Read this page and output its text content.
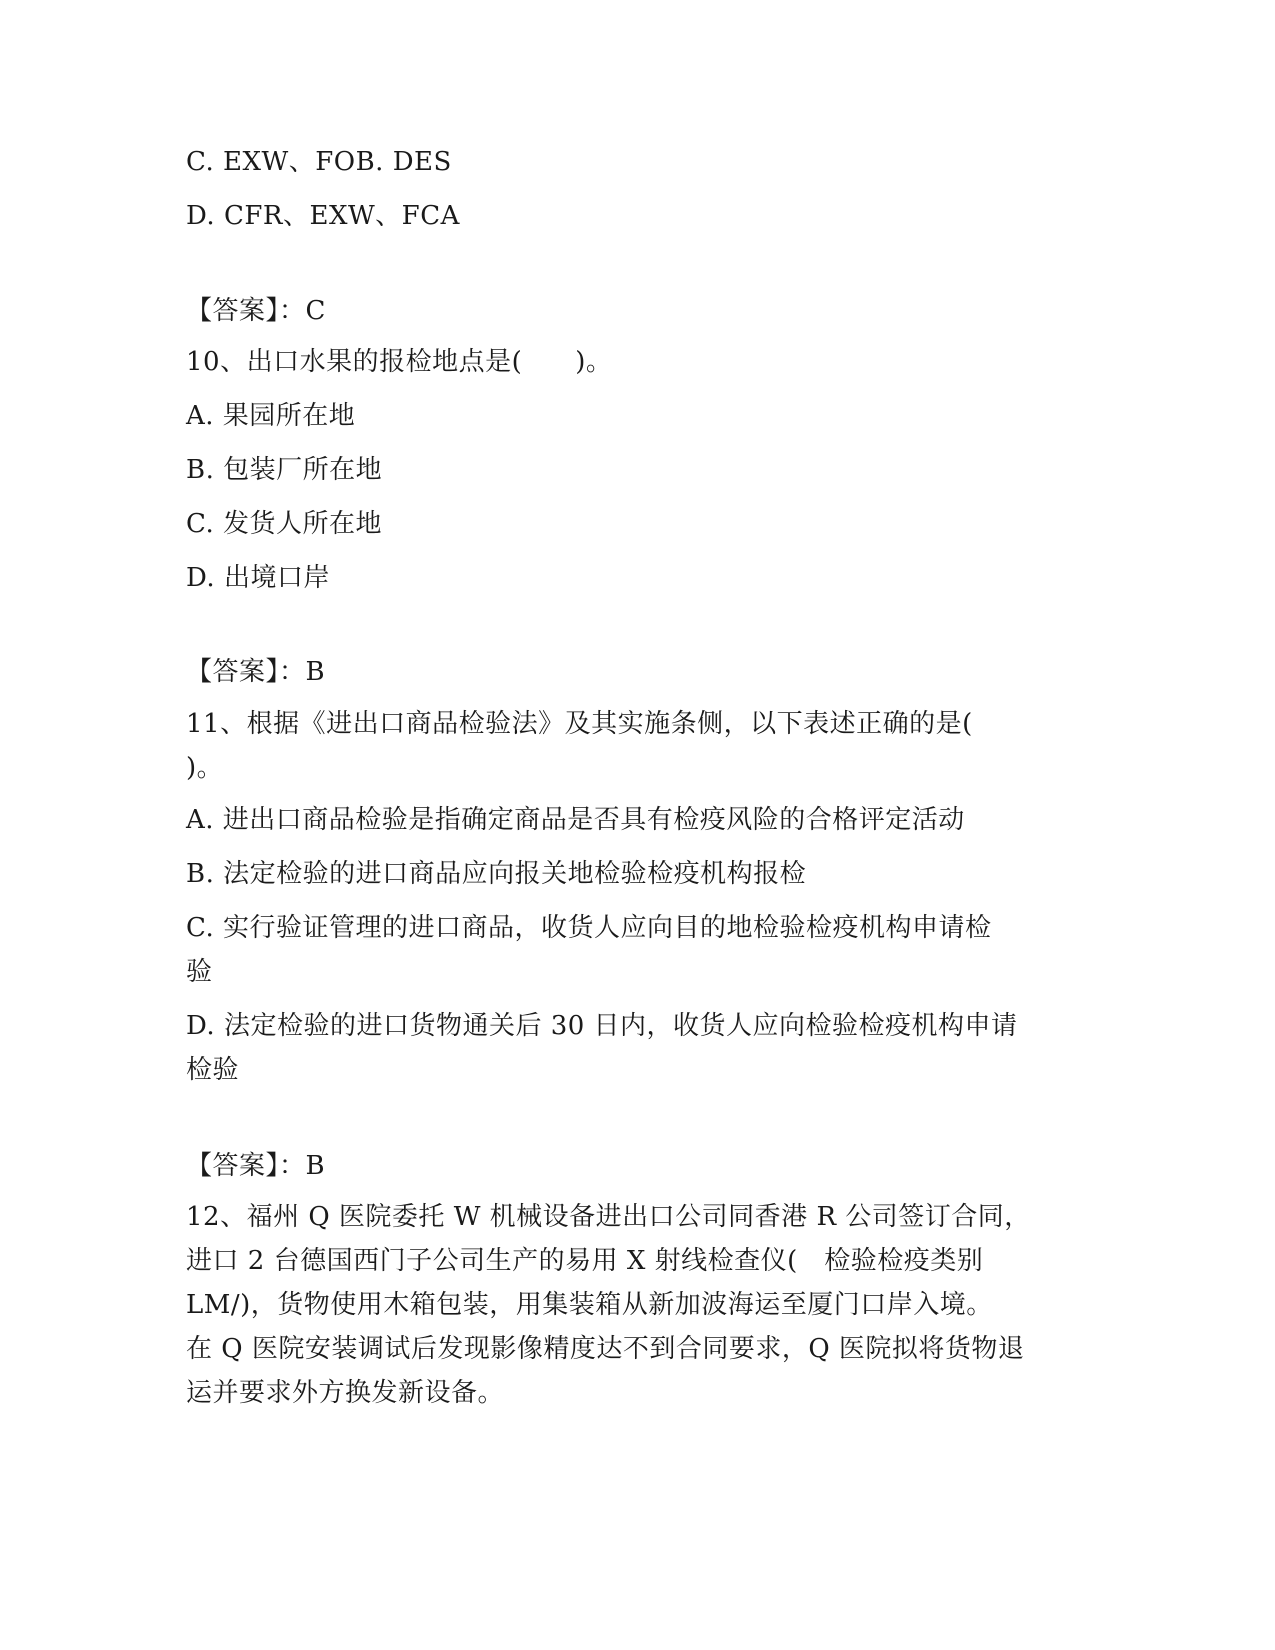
C. EXW、FOB. DES
D. CFR、EXW、FCA
【答案】：C
10、出口水果的报检地点是(　　)。
A. 果园所在地
B. 包装厂所在地
C. 发货人所在地
D. 出境口岸
【答案】：B
11、根据《进出口商品检验法》及其实施条侧，以下表述正确的是(
)。
A. 进出口商品检验是指确定商品是否具有检疫风险的合格评定活动
B. 法定检验的进口商品应向报关地检验检疫机构报检
C. 实行验证管理的进口商品，收货人应向目的地检验检疫机构申请检
验
D. 法定检验的进口货物通关后 30 日内，收货人应向检验检疫机构申请
检验
【答案】：B
12、福州 Q 医院委托 W 机械设备进出口公司同香港 R 公司签订合同，
进口 2 台德国西门子公司生产的易用 X 射线检查仪(　检验检疫类别
LM/)，货物使用木箱包装，用集装箱从新加波海运至厦门口岸入境。
在 Q 医院安装调试后发现影像精度达不到合同要求，Q 医院拟将货物退
运并要求外方换发新设备。
